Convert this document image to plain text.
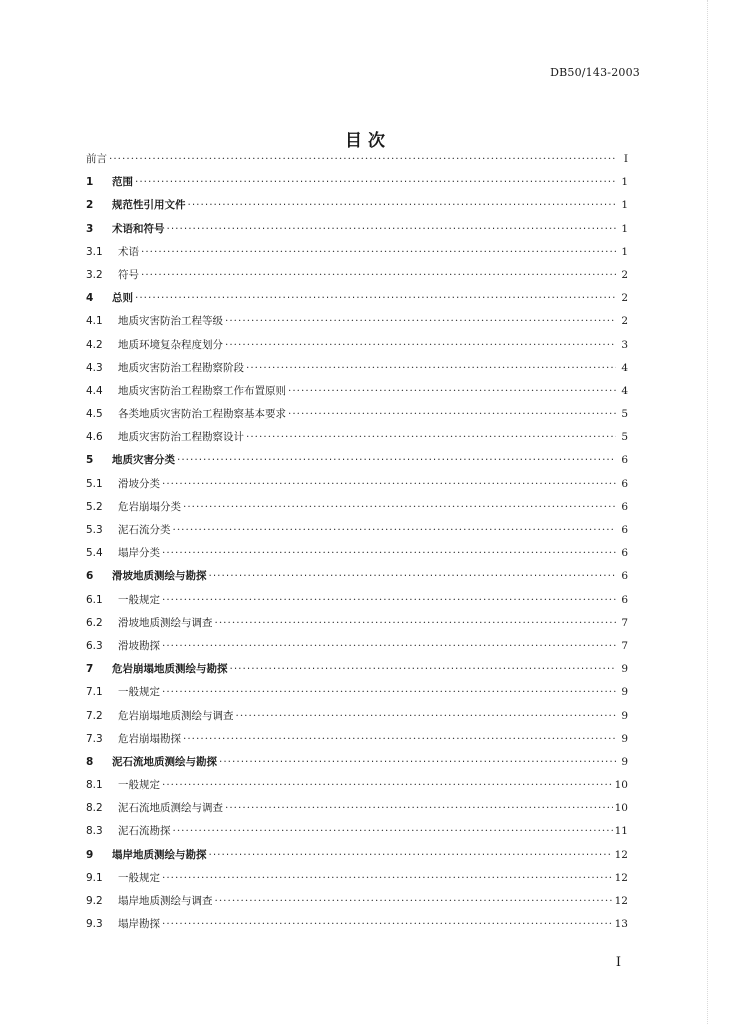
DB50/143-2003
目 次
前言 ·····	I
1	范围 ·····	1
2	规范性引用文件 ·····	1
3	术语和符号 ·····	1
3.1	术语 ·····	1
3.2	符号 ·····	2
4	总则 ·····	2
4.1	地质灾害防治工程等级 ·····	2
4.2	地质环境复杂程度划分 ·····	3
4.3	地质灾害防治工程勘察阶段 ·····	4
4.4	地质灾害防治工程勘察工作布置原则 ·····	4
4.5	各类地质灾害防治工程勘察基本要求 ·····	5
4.6	地质灾害防治工程勘察设计 ·····	5
5	地质灾害分类 ·····	6
5.1	滑坡分类 ·····	6
5.2	危岩崩塌分类 ·····	6
5.3	泥石流分类 ·····	6
5.4	塌岸分类 ·····	6
6	滑坡地质测绘与勘探 ·····	6
6.1	一般规定 ·····	6
6.2	滑坡地质测绘与调查 ·····	7
6.3	滑坡勘探 ·····	7
7	危岩崩塌地质测绘与勘探 ·····	9
7.1	一般规定 ·····	9
7.2	危岩崩塌地质测绘与调查 ·····	9
7.3	危岩崩塌勘探 ·····	9
8	泥石流地质测绘与勘探 ·····	9
8.1	一般规定 ·····	10
8.2	泥石流地质测绘与调查 ·····	10
8.3	泥石流勘探 ·····	11
9	塌岸地质测绘与勘探 ·····	12
9.1	一般规定 ·····	12
9.2	塌岸地质测绘与调查 ·····	12
9.3	塌岸勘探 ·····	13
I
